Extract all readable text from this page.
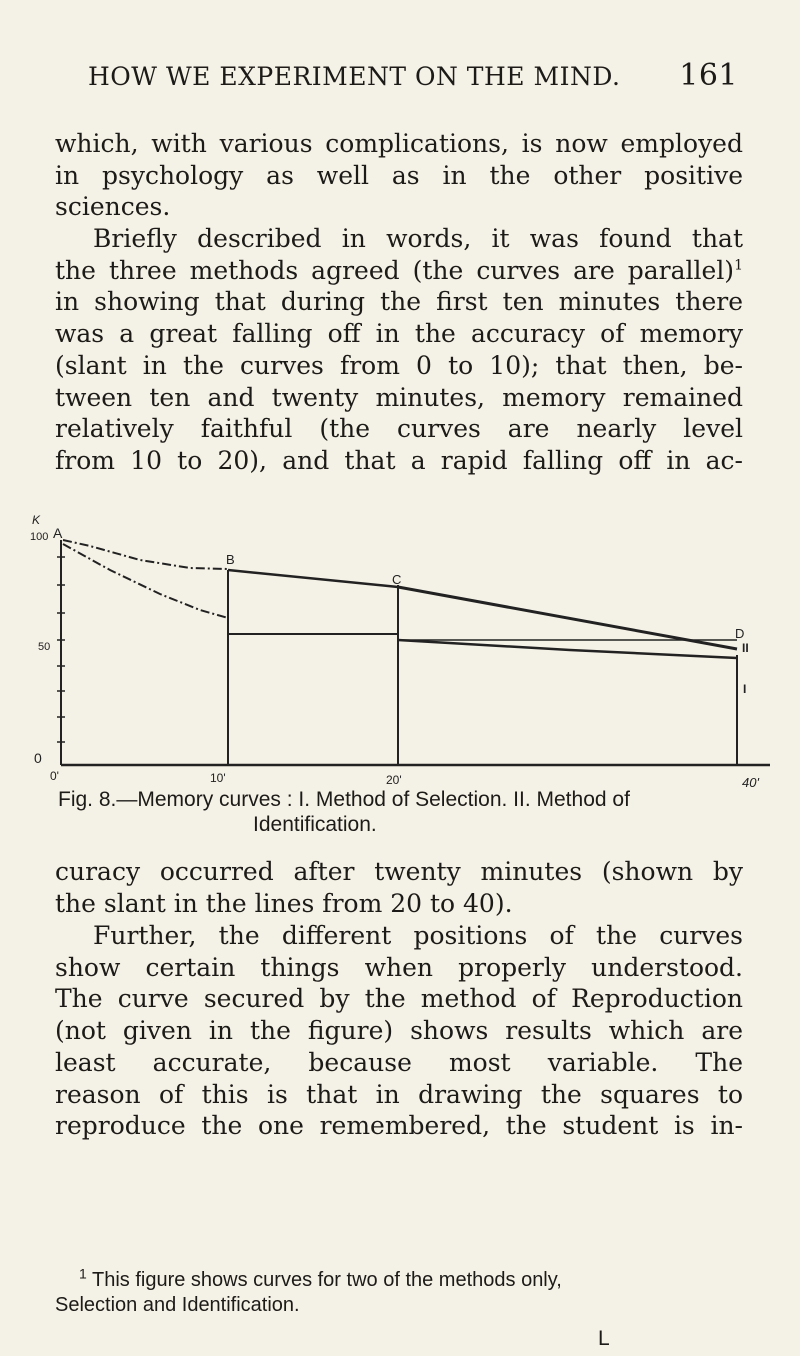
HOW WE EXPERIMENT ON THE MIND. 161

which, with various complications, is now employed
in psychology as well as in the other positive
sciences.

Briefly described in words, it was found that
the three methods agreed (the curves are parallel)$^1$
in showing that during the first ten minutes there
was a great falling off in the accuracy of memory
(slant in the curves from 0 to 10); that then, be-
tween ten and twenty minutes, memory remained
relatively faithful (the curves are nearly level
from 10 to 20), and that a rapid falling off in ac-

K
100 A
B
C
D
II
I
50
0
0'	10'	20'	40'
Fig. 8.—Memory curves : I. Method of Selection. II. Method of
Identification.

curacy occurred after twenty minutes (shown by
the slant in the lines from 20 to 40).

Further, the different positions of the curves
show certain things when properly understood.
The curve secured by the method of Reproduction
(not given in the figure) shows results which are
least accurate, because most variable. The
reason of this is that in drawing the squares to
reproduce the one remembered, the student is in-

$^1$ This figure shows curves for two of the methods only,
Selection and Identification.
L
